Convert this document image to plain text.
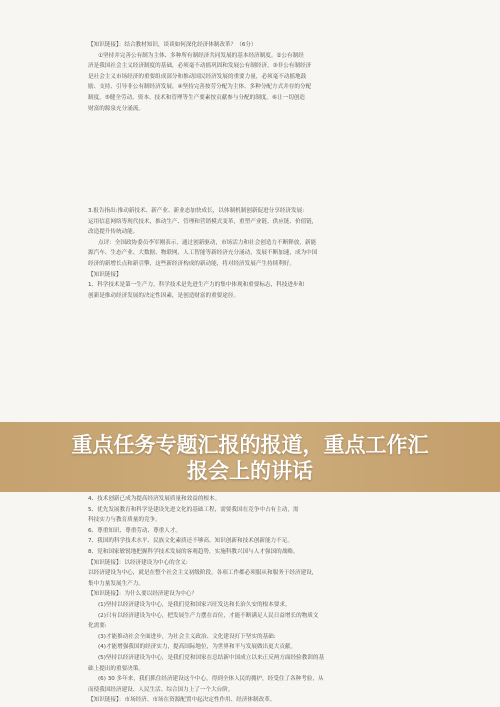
【知识链接】：结合教材知识，谈谈如何深化经济体制改革？（6分）

①坚持并完善公有制为主体、多种所有制经济共同发展的基本经济制度。②公有制经

济是我国社会主义经济制度的基础，必须毫不动摇巩固和发展公有制经济。③非公有制经济

是社会主义市场经济的重要组成部分和推动国民经济发展的重要力量，必须毫不动摇地鼓

励、支持、引导非公有制经济发展。④坚持完善按劳分配为主体、多种分配方式并存的分配

制度。⑤健全劳动、资本、技术和管理等生产要素按贡献参与分配的制度。⑥让一切创造

财富的源泉充分涌流。

3.报告指出:推动新技术、新产业、新业态加快成长，以体制机制创新促进分享经济发展:

运用信息网络等现代技术，推动生产、管理和营销模式变革，重塑产业链、供应链、价值链，

改造提升传统动能。

点评：全国政协委员李军刚表示，通过创新驱动，市场活力和社会创造力不断释放，新能

源汽车、生态产业、大数据、物联网、人工智能等新经济充分涌动，发展不断加速，成为中国

经济的新增长点和新引擎，这些新经济构成的新动能，将对经济发展产生持续利好。

【知识链接】

1、科学技术是第一生产力，科学技术是先进生产力的集中体现和重要标志，科技进步和

创新是推动经济发展的决定性因素，是创造财富的重要途径。

4、技术创新已成为提高经济发展质量和效益的根本。

5、优先发展教育和科学是建设先进文化的基础工程，需要我国在竞争中占有主动，需

科技实力与教育质量的竞争。

6、尊重知识、尊重劳动、尊重人才。

7、我国的科学技术水平、民族文化素质还不够高。知识创新和技术创新能力不足。

8、党和国家敏锐地把握科学技术发展的客观趋势，实施科教兴国与人才强国的战略。

【知识链接】：以经济建设为中心的含义:

以经济建设为中心，就是在整个社会主义初级阶段，各项工作都必须服从和服务于经济建设，

集中力量发展生产力。

【知识链接】：为什么要以经济建设为中心？

(1)坚持以经济建设为中心，是我们党和国家兴旺发达和长治久安的根本要求。

(2)只有以经济建设为中心，把发展生产力摆在首位，才能不断满足人民日益增长的物质文

化需要:

(3)才能推动社会全面进步，为社会主义政治、文化建设打下坚实的基础:

(4)才能增强我国的经济实力，提高国际地位，为世界和平与发展做出更大贡献。

(5)坚持以经济建设为中心，是我们党和国家在总结新中国成立以来正反两方面经验教训的基

础上提出的重要决策。

(6) 30 多年来，我们抓住经济建设这个中心，得到全体人民的拥护，经受住了各种考验，从

而使我国经济建设、人民生活、综合国力上了一个大台阶。

【知识链接】：市场经济、市场在资源配置中起决定性作用、经济体制改革。

重点任务专题汇报的报道，重点工作汇
报会上的讲话
